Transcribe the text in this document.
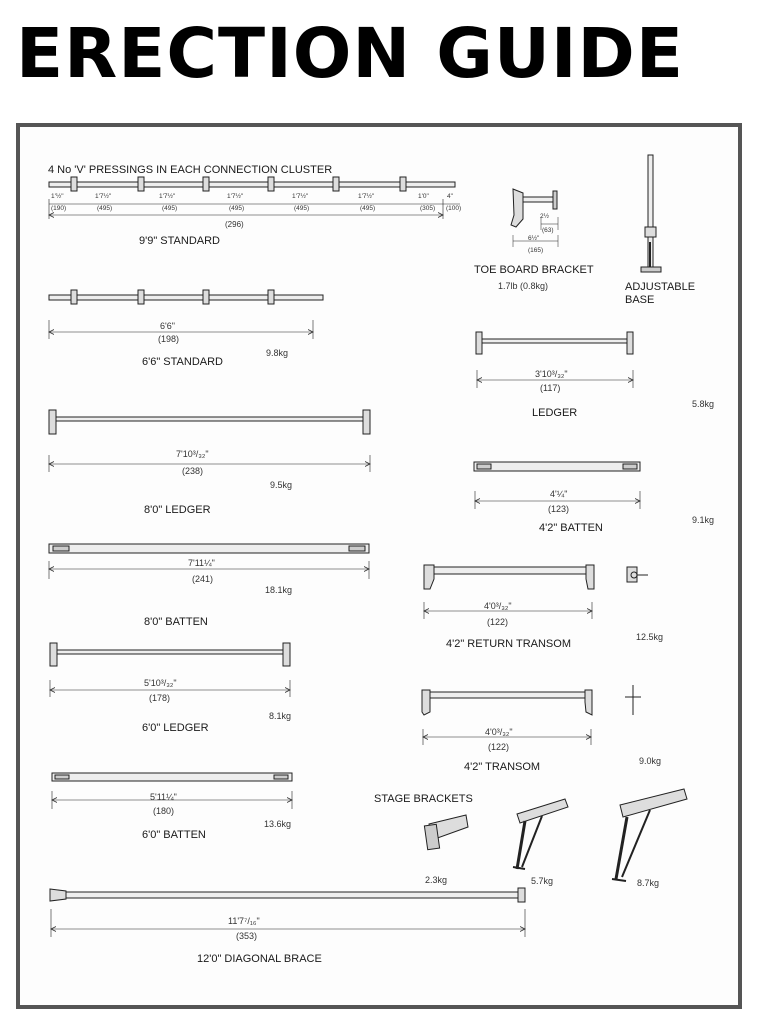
ERECTION GUIDE
4 No 'V' PRESSINGS IN EACH CONNECTION CLUSTER
1'½"	1'7½"	1'7½"	1'7½"	1'7½"	1'7½"	1'0"	4"
(190)	(495)	(495)	(495)	(495)	(495)	(305) (100)
(296)
9'9" STANDARD
6'6"
(198)
9.8kg
6'6" STANDARD
7'10³/₃₂"
(238)
9.5kg
8'0" LEDGER
7'11¼"
(241)
18.1kg
8'0" BATTEN
5'10³/₃₂"
(178)
8.1kg
6'0" LEDGER
5'11¼"
(180)
13.6kg
6'0" BATTEN
11'7⁷/₁₆"
(353)
12'0" DIAGONAL BRACE
2½
(63)
6½"
(165)
TOE BOARD BRACKET
1.7lb (0.8kg)	ADJUSTABLE
BASE
3'10³/₃₂"
(117)
LEDGER
5.8kg
4'¼"
(123)
4'2" BATTEN
9.1kg
4'0³/₃₂"
(122)
4'2" RETURN TRANSOM
12.5kg
4'0³/₃₂"
(122)
4'2" TRANSOM	9.0kg
STAGE BRACKETS
2.3kg	5.7kg	8.7kg
